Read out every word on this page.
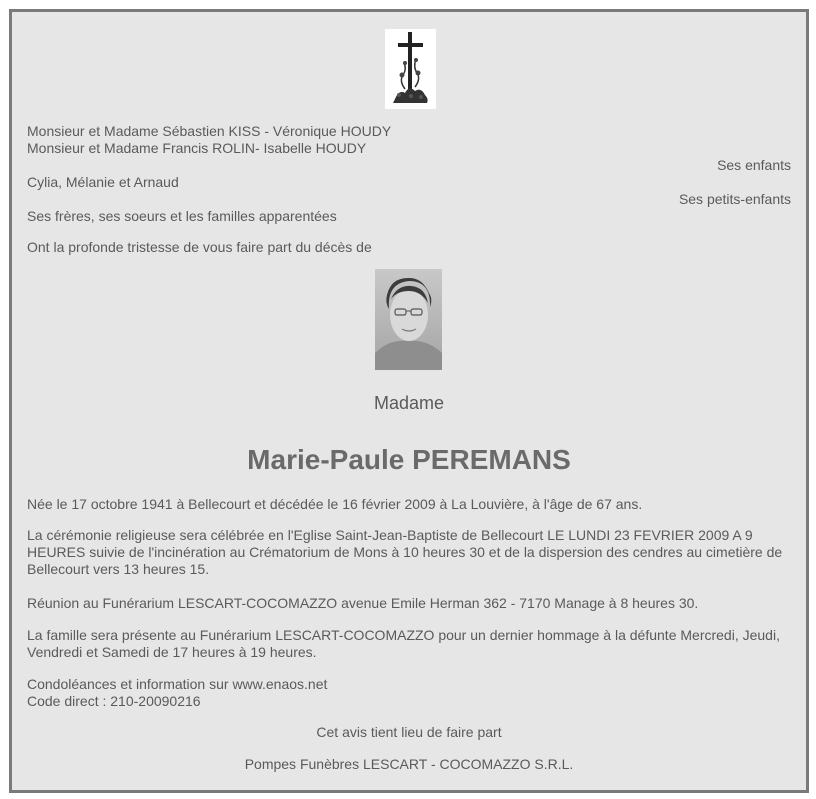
Monsieur et Madame Sébastien KISS - Véronique HOUDY
Monsieur et Madame Francis ROLIN- Isabelle HOUDY
Ses enfants
Cylia, Mélanie et Arnaud
Ses petits-enfants
Ses frères, ses soeurs et les familles apparentées
Ont la profonde tristesse de vous faire part du décès de
Madame
Marie-Paule PEREMANS
Née le 17 octobre 1941 à Bellecourt et décédée le 16 février 2009 à La Louvière, à l'âge de 67 ans.
La cérémonie religieuse sera célébrée en l'Eglise Saint-Jean-Baptiste de Bellecourt LE LUNDI 23 FEVRIER 2009 A 9 HEURES suivie de l'incinération au Crématorium de Mons à 10 heures 30 et de la dispersion des cendres au cimetière de Bellecourt vers 13 heures 15.
Réunion au Funérarium LESCART-COCOMAZZO avenue Emile Herman 362 - 7170 Manage à 8 heures 30.
La famille sera présente au Funérarium LESCART-COCOMAZZO pour un dernier hommage à la défunte Mercredi, Jeudi, Vendredi et Samedi de 17 heures à 19 heures.
Condoléances et information sur www.enaos.net
Code direct : 210-20090216
Cet avis tient lieu de faire part
Pompes Funèbres LESCART - COCOMAZZO S.R.L.
